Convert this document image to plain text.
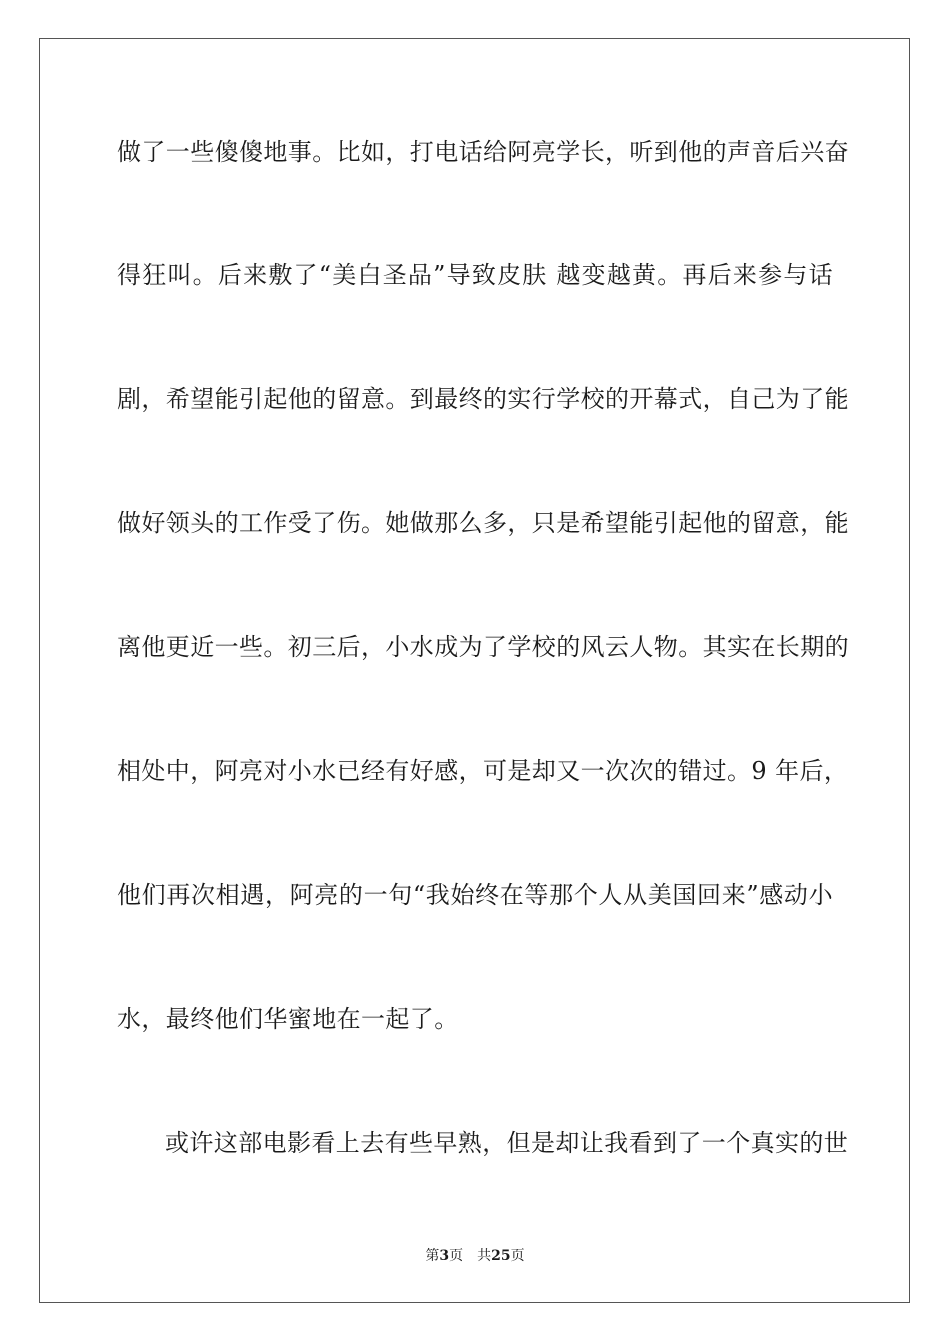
做了一些傻傻地事。比如，打电话给阿亮学长，听到他的声音后兴奋
得狂叫。后来敷了“美白圣品”导致皮肤 越变越黄。再后来参与话
剧，希望能引起他的留意。到最终的实行学校的开幕式，自己为了能
做好领头的工作受了伤。她做那么多，只是希望能引起他的留意，能
离他更近一些。初三后，小水成为了学校的风云人物。其实在长期的
相处中，阿亮对小水已经有好感，可是却又一次次的错过。9 年后，
他们再次相遇，阿亮的一句“我始终在等那个人从美国回来”感动小
水，最终他们华蜜地在一起了。
或许这部电影看上去有些早熟，但是却让我看到了一个真实的世
第3页 共25页
